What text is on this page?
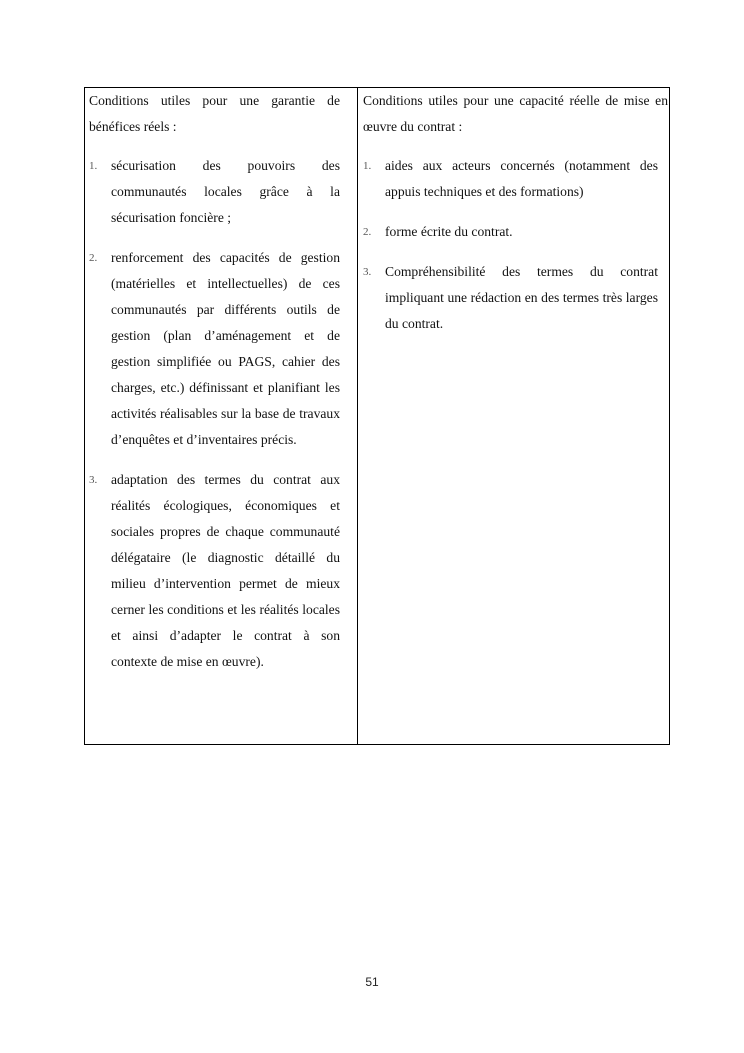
Conditions utiles pour une garantie de bénéfices réels :

1. sécurisation des pouvoirs des communautés locales grâce à la sécurisation foncière ;
2. renforcement des capacités de gestion (matérielles et intellectuelles) de ces communautés par différents outils de gestion (plan d’aménagement et de gestion simplifiée ou PAGS, cahier des charges, etc.) définissant et planifiant les activités réalisables sur la base de travaux d’enquêtes et d’inventaires précis.
3. adaptation des termes du contrat aux réalités écologiques, économiques et sociales propres de chaque communauté délégataire (le diagnostic détaillé du milieu d’intervention permet de mieux cerner les conditions et les réalités locales et ainsi d’adapter le contrat à son contexte de mise en œuvre).

Conditions utiles pour une capacité réelle de mise en œuvre du contrat :

1. aides aux acteurs concernés (notamment des appuis techniques et des formations)
2. forme écrite du contrat.
3. Compréhensibilité des termes du contrat impliquant une rédaction en des termes très larges du contrat.
51
